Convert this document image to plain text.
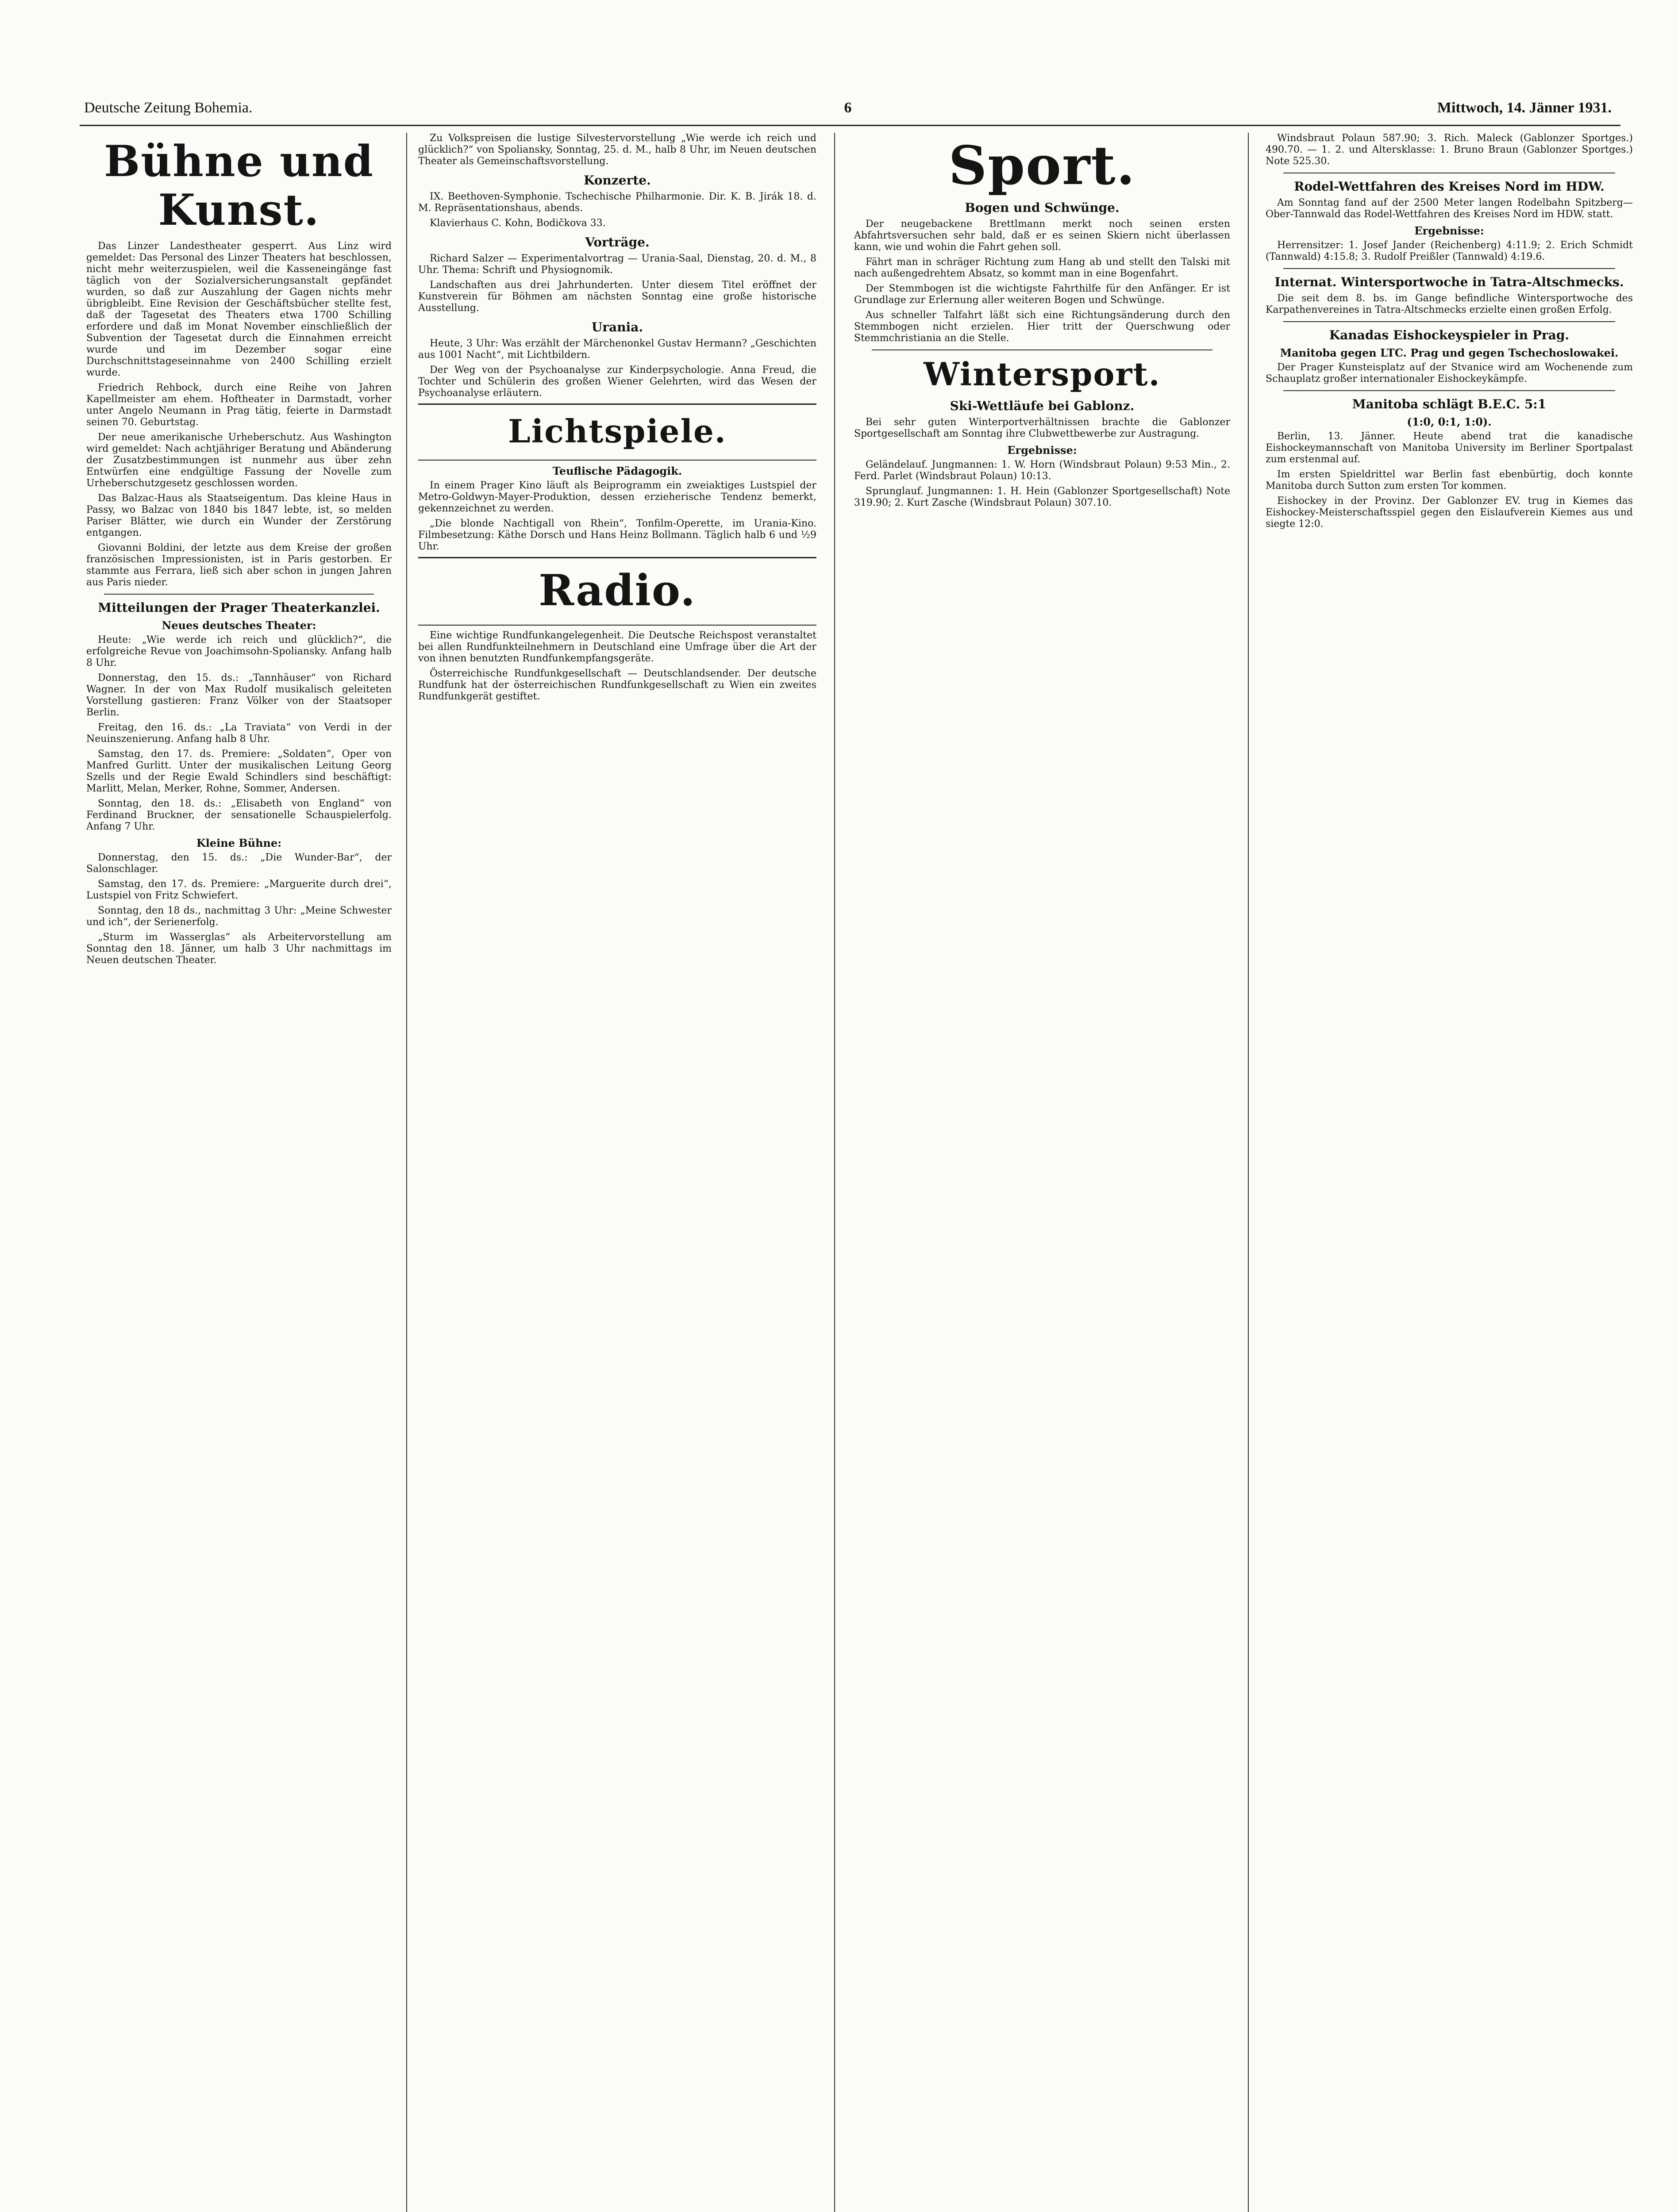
Deutsche Zeitung Bohemia.	6	Mittwoch, 14. Jänner 1931.
Bühne und Kunst.

Das Linzer Landestheater gesperrt. Aus Linz wird gemeldet: Das Personal des Linzer Theaters hat beschlossen, nicht mehr weiterzuspielen, weil die Kasseneingänge fast täglich von der Sozialversicherungsanstalt gepfändet wurden, so daß zur Auszahlung der Gagen nichts mehr übrigbleibt. Eine Revision der Geschäftsbücher stellte fest, daß der Tagesetat des Theaters etwa 1700 Schilling erfordere und daß im Monat November einschließlich der Subvention der Tagesetat durch die Einnahmen erreicht wurde und im Dezember sogar eine Durchschnittstageseinnahme von 2400 Schilling erzielt wurde.

Friedrich Rehbock, durch eine Reihe von Jahren Kapellmeister am ehem. Hoftheater in Darmstadt, vorher unter Angelo Neumann in Prag tätig, feierte in Darmstadt seinen 70. Geburtstag.

Der neue amerikanische Urheberschutz. Aus Washington wird gemeldet: Nach achtjähriger Beratung und Abänderung der Zusatzbestimmungen ist nunmehr aus über zehn Entwürfen eine endgültige Fassung der Novelle zum Urheberschutzgesetz geschlossen worden.

Das Balzac-Haus als Staatseigentum. Das kleine Haus in Passy, wo Balzac von 1840 bis 1847 lebte, ist, so melden Pariser Blätter, wie durch ein Wunder der Zerstörung entgangen.

Giovanni Boldini, der letzte aus dem Kreise der großen französischen Impressionisten, ist in Paris gestorben. Er stammte aus Ferrara, ließ sich aber schon in jungen Jahren aus Paris nieder.

Mitteilungen der Prager Theaterkanzlei.
Neues deutsches Theater:

Heute: „Wie werde ich reich und glücklich?“, die erfolgreiche Revue von Joachimsohn-Spoliansky. Anfang halb 8 Uhr.

Donnerstag, den 15. ds.: „Tannhäuser“ von Richard Wagner. In der von Max Rudolf musikalisch geleiteten Vorstellung gastieren: Franz Völker von der Staatsoper Berlin.

Freitag, den 16. ds.: „La Traviata“ von Verdi in der Neuinszenierung. Anfang halb 8 Uhr.

Samstag, den 17. ds. Premiere: „Soldaten“, Oper von Manfred Gurlitt. Unter der musikalischen Leitung Georg Szells und der Regie Ewald Schindlers sind beschäftigt: Marlitt, Melan, Merker, Rohne, Sommer, Andersen.

Sonntag, den 18. ds.: „Elisabeth von England“ von Ferdinand Bruckner, der sensationelle Schauspielerfolg. Anfang 7 Uhr.

Kleine Bühne:

Donnerstag, den 15. ds.: „Die Wunder-Bar“, der Salonschlager.

Samstag, den 17. ds. Premiere: „Marguerite durch drei“, Lustspiel von Fritz Schwiefert.

Sonntag, den 18 ds., nachmittag 3 Uhr: „Meine Schwester und ich“, der Serienerfolg.

„Sturm im Wasserglas“ als Arbeitervorstellung am Sonntag den 18. Jänner, um halb 3 Uhr nachmittags im Neuen deutschen Theater.

Zu Volkspreisen die lustige Silvestervorstellung „Wie werde ich reich und glücklich?“ von Spoliansky, Sonntag, 25. d. M., halb 8 Uhr, im Neuen deutschen Theater als Gemeinschaftsvorstellung.

Konzerte.

IX. Beethoven-Symphonie. Tschechische Philharmonie. Dir. K. B. Jirák 18. d. M. Repräsentationshaus, abends.

Klavierhaus C. Kohn, Bodičkova 33.

Vorträge.

Richard Salzer — Experimentalvortrag — Urania-Saal, Dienstag, 20. d. M., 8 Uhr. Thema: Schrift und Physiognomik.

Landschaften aus drei Jahrhunderten. Unter diesem Titel eröffnet der Kunstverein für Böhmen am nächsten Sonntag eine große historische Ausstellung.

Urania.

Heute, 3 Uhr: Was erzählt der Märchenonkel Gustav Hermann? „Geschichten aus 1001 Nacht“, mit Lichtbildern.

Der Weg von der Psychoanalyse zur Kinderpsychologie. Anna Freud, die Tochter und Schülerin des großen Wiener Gelehrten, wird das Wesen der Psychoanalyse erläutern.

Lichtspiele.
Teuflische Pädagogik.

In einem Prager Kino läuft als Beiprogramm ein zweiaktiges Lustspiel der Metro-Goldwyn-Mayer-Produktion, dessen erzieherische Tendenz bemerkt, gekennzeichnet zu werden.

„Die blonde Nachtigall von Rhein“, Tonfilm-Operette, im Urania-Kino. Filmbesetzung: Käthe Dorsch und Hans Heinz Bollmann. Täglich halb 6 und ½9 Uhr.

Radio.

Eine wichtige Rundfunkangelegenheit. Die Deutsche Reichspost veranstaltet bei allen Rundfunkteilnehmern in Deutschland eine Umfrage über die Art der von ihnen benutzten Rundfunkempfangsgeräte.

Österreichische Rundfunkgesellschaft — Deutschlandsender. Der deutsche Rundfunk hat der österreichischen Rundfunkgesellschaft zu Wien ein zweites Rundfunkgerät gestiftet.

Sport.
Bogen und Schwünge.

Der neugebackene Brettlmann merkt noch seinen ersten Abfahrtsversuchen sehr bald, daß er es seinen Skiern nicht überlassen kann, wie und wohin die Fahrt gehen soll.

Fährt man in schräger Richtung zum Hang ab und stellt den Talski mit nach außengedrehtem Absatz, so kommt man in eine Bogenfahrt.

Der Stemmbogen ist die wichtigste Fahrthilfe für den Anfänger. Er ist Grundlage zur Erlernung aller weiteren Bogen und Schwünge.

Aus schneller Talfahrt läßt sich eine Richtungsänderung durch den Stemmbogen nicht erzielen. Hier tritt der Querschwung oder Stemmchristiania an die Stelle.

Wintersport.
Ski-Wettläufe bei Gablonz.

Bei sehr guten Winterportverhältnissen brachte die Gablonzer Sportgesellschaft am Sonntag ihre Clubwettbewerbe zur Austragung.

Ergebnisse:

Geländelauf. Jungmannen: 1. W. Horn (Windsbraut Polaun) 9:53 Min., 2. Ferd. Parlet (Windsbraut Polaun) 10:13.

Sprunglauf. Jungmannen: 1. H. Hein (Gablonzer Sportgesellschaft) Note 319.90; 2. Kurt Zasche (Windsbraut Polaun) 307.10.

Windsbraut Polaun 587.90; 3. Rich. Maleck (Gablonzer Sportges.) 490.70. — 1. 2. und Altersklasse: 1. Bruno Braun (Gablonzer Sportges.) Note 525.30.

Rodel-Wettfahren des Kreises Nord im HDW.

Am Sonntag fand auf der 2500 Meter langen Rodelbahn Spitzberg—Ober-Tannwald das Rodel-Wettfahren des Kreises Nord im HDW. statt.

Ergebnisse:

Herrensitzer: 1. Josef Jander (Reichenberg) 4:11.9; 2. Erich Schmidt (Tannwald) 4:15.8; 3. Rudolf Preißler (Tannwald) 4:19.6.

Internat. Wintersportwoche in Tatra-Altschmecks.

Die seit dem 8. bs. im Gange befindliche Wintersportwoche des Karpathenvereines in Tatra-Altschmecks erzielte einen großen Erfolg.

Kanadas Eishockeyspieler in Prag.
Manitoba gegen LTC. Prag und gegen Tschechoslowakei.

Der Prager Kunsteisplatz auf der Stvanice wird am Wochenende zum Schauplatz großer internationaler Eishockeykämpfe.

Manitoba schlägt B.E.C. 5:1
(1:0, 0:1, 1:0).

Berlin, 13. Jänner. Heute abend trat die kanadische Eishockeymannschaft von Manitoba University im Berliner Sportpalast zum erstenmal auf.

Im ersten Spieldrittel war Berlin fast ebenbürtig, doch konnte Manitoba durch Sutton zum ersten Tor kommen.

Eishockey in der Provinz. Der Gablonzer EV. trug in Kiemes das Eishockey-Meisterschaftsspiel gegen den Eislaufverein Kiemes aus und siegte 12:0.
